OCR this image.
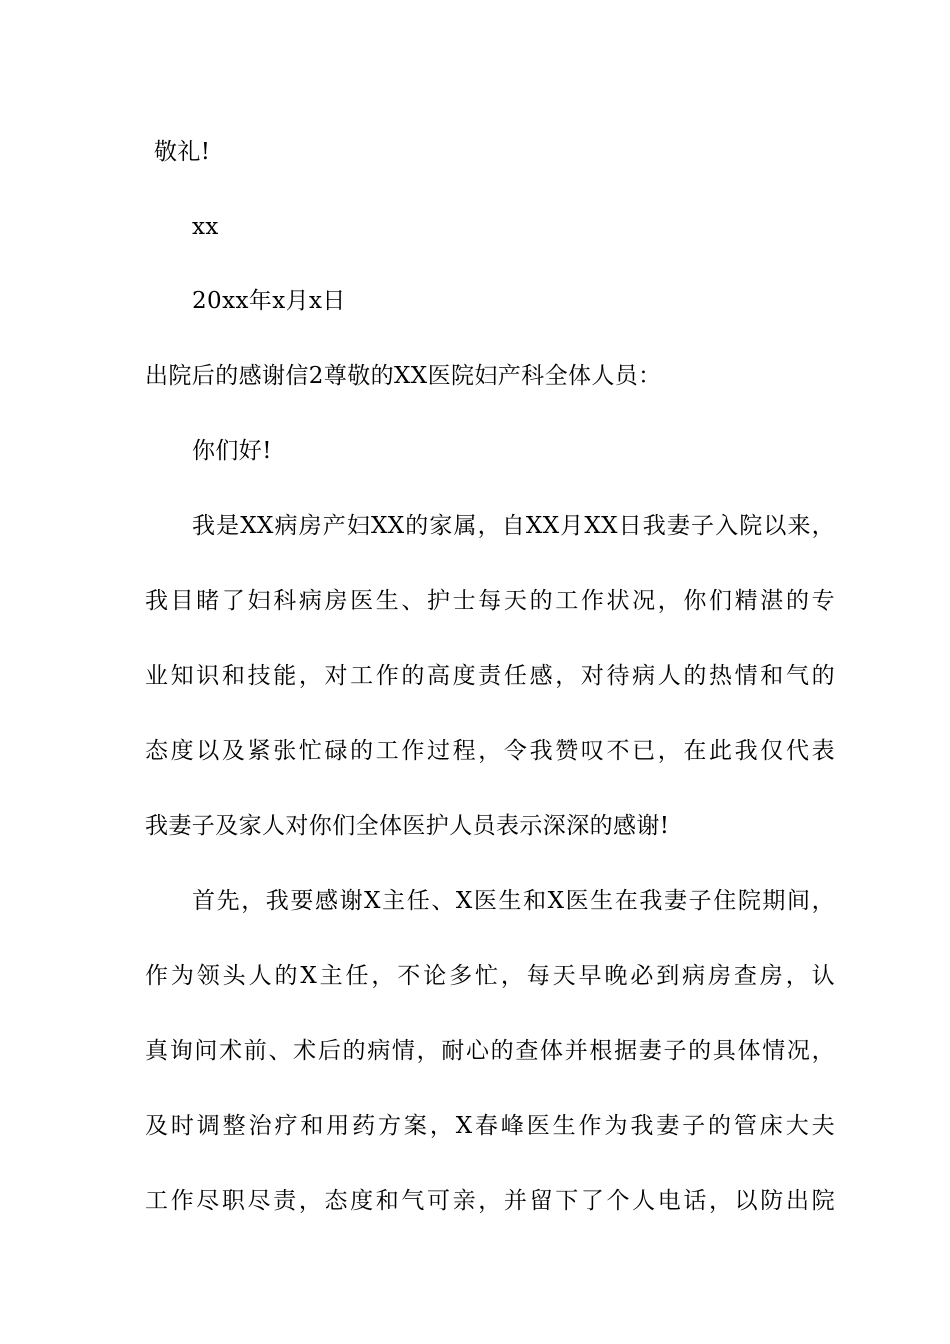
敬礼!
xx
20xx年x月x日
出院后的感谢信2尊敬的XX医院妇产科全体人员：
你们好!
我是XX病房产妇XX的家属，自XX月XX日我妻子入院以来，
我目睹了妇科病房医生、护士每天的工作状况，你们精湛的专
业知识和技能，对工作的高度责任感，对待病人的热情和气的
态度以及紧张忙碌的工作过程，令我赞叹不已，在此我仅代表
我妻子及家人对你们全体医护人员表示深深的感谢!
首先，我要感谢X主任、X医生和X医生在我妻子住院期间，
作为领头人的X主任，不论多忙，每天早晚必到病房查房，认
真询问术前、术后的病情，耐心的查体并根据妻子的具体情况，
及时调整治疗和用药方案，X春峰医生作为我妻子的管床大夫
工作尽职尽责，态度和气可亲，并留下了个人电话，以防出院
